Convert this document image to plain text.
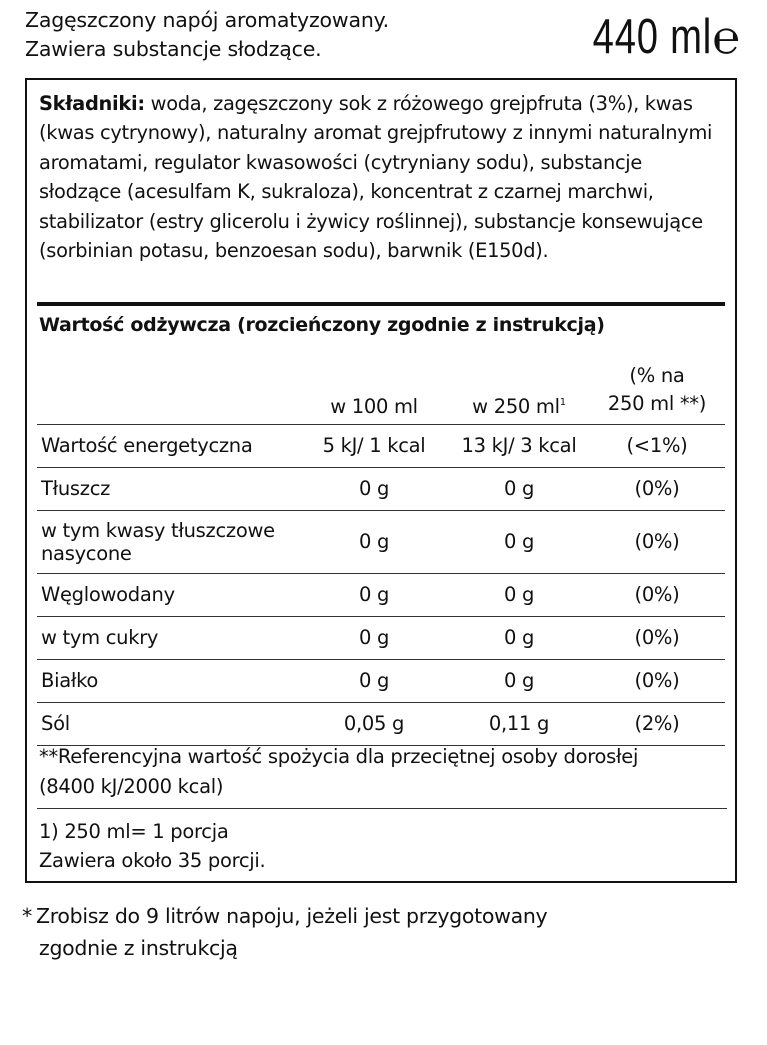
Zagęszczony napój aromatyzowany.
Zawiera substancje słodzące.	440 ml ℮
Składniki: woda, zagęszczony sok z różowego grejpfruta (3%), kwas (kwas cytrynowy), naturalny aromat grejpfrutowy z innymi naturalnymi aromatami, regulator kwasowości (cytryniany sodu), substancje słodzące (acesulfam K, sukraloza), koncentrat z czarnej marchwi, stabilizator (estry glicerolu i żywicy roślinnej), substancje konsewujące (sorbinian potasu, benzoesan sodu), barwnik (E150d).
Wartość odżywcza (rozcieńczony zgodnie z instrukcją)
	w 100 ml	w 250 $ml^1$	(% na
250 ml **)

Wartość energetyczna	5 kJ/ 1 kcal	13 kJ/ 3 kcal	(<1%)
Tłuszcz	0 g	0 g	(0%)

w tym kwasy tłuszczowe
nasycone	0 g	0 g	(0%)
Węglowodany	0 g	0 g	(0%)
w tym cukry	0 g	0 g	(0%)
Białko	0 g	0 g	(0%)
Sól	0,05 g	0,11 g	(2%)
**Referencyjna wartość spożycia dla przeciętnej osoby dorosłej
(8400 kJ/2000 kcal)
1) 250 ml= 1 porcja
Zawiera około 35 porcji.
* Zrobisz do 9 litrów napoju, jeżeli jest przygotowany
zgodnie z instrukcją
